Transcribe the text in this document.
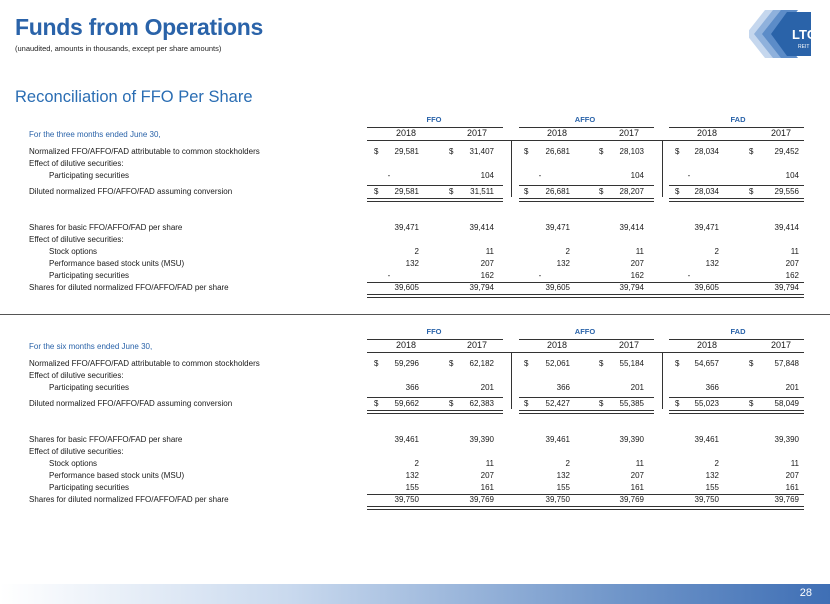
Funds from Operations
(unaudited, amounts in thousands, except per share amounts)
LTC
REIT
Reconciliation of FFO Per Share
FFO	AFFO	FAD
2018	2017	2018	2017	2018	2017
For the three months ended June 30,
Normalized FFO/AFFO/FAD attributable to common stockholders	$	29,581	$	31,407	$	26,681	$	28,103	$	28,034	$	29,452
Effect of dilutive securities:
Participating securities	-	104	-	104	-	104
Diluted normalized FFO/AFFO/FAD assuming conversion	$	29,581	$	31,511	$	26,681	$	28,207	$	28,034	$	29,556
Shares for basic FFO/AFFO/FAD per share	39,471	39,414	39,471	39,414	39,471	39,414
Effect of dilutive securities:
Stock options	2	11	2	11	2	11
Performance based stock units (MSU)	132	207	132	207	132	207
Participating securities	-	162	-	162	-	162
Shares for diluted normalized FFO/AFFO/FAD per share	39,605	39,794	39,605	39,794	39,605	39,794
FFO	AFFO	FAD
2018	2017	2018	2017	2018	2017
For the six months ended June 30,
Normalized FFO/AFFO/FAD attributable to common stockholders	$	59,296	$	62,182	$	52,061	$	55,184	$	54,657	$	57,848
Effect of dilutive securities:
Participating securities	366	201	366	201	366	201
Diluted normalized FFO/AFFO/FAD assuming conversion	$	59,662	$	62,383	$	52,427	$	55,385	$	55,023	$	58,049
Shares for basic FFO/AFFO/FAD per share	39,461	39,390	39,461	39,390	39,461	39,390
Effect of dilutive securities:
Stock options	2	11	2	11	2	11
Performance based stock units (MSU)	132	207	132	207	132	207
Participating securities	155	161	155	161	155	161
Shares for diluted normalized FFO/AFFO/FAD per share	39,750	39,769	39,750	39,769	39,750	39,769
28
